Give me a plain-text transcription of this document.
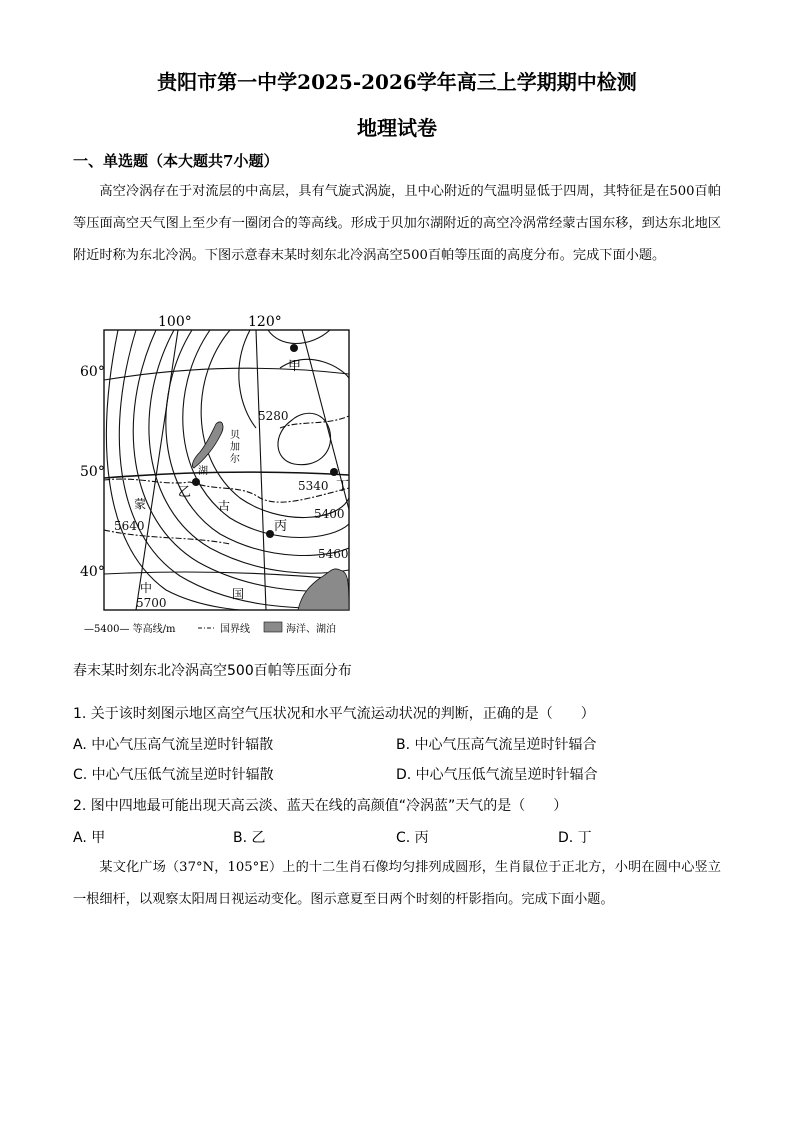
贵阳市第一中学2025-2026学年高三上学期期中检测
地理试卷
一、单选题（本大题共7小题）

高空冷涡存在于对流层的中高层，具有气旋式涡旋，且中心附近的气温明显低于四周，其特征是在500百帕等压面高空天气图上至少有一圈闭合的等高线。形成于贝加尔湖附近的高空冷涡常经蒙古国东移，到达东北地区附近时称为东北冷涡。下图示意春末某时刻东北冷涡高空500百帕等压面的高度分布。完成下面小题。

100°	120°
60°
50°
40°
5280
5340
5400
5460
5640
5700
甲
乙
丙
丁
贝
加
尔
湖
蒙	古
中	国
—5400— 等高线/m	国界线	海洋、湖泊
春末某时刻东北冷涡高空500百帕等压面分布
1. 关于该时刻图示地区高空气压状况和水平气流运动状况的判断，正确的是（　　）
A. 中心气压高气流呈逆时针辐散	B. 中心气压高气流呈逆时针辐合
C. 中心气压低气流呈逆时针辐散	D. 中心气压低气流呈逆时针辐合
2. 图中四地最可能出现天高云淡、蓝天在线的高颜值“冷涡蓝”天气的是（　　）
A. 甲	B. 乙	C. 丙	D. 丁

某文化广场（37°N，105°E）上的十二生肖石像均匀排列成圆形，生肖鼠位于正北方，小明在圆中心竖立一根细杆，以观察太阳周日视运动变化。图示意夏至日两个时刻的杆影指向。完成下面小题。
